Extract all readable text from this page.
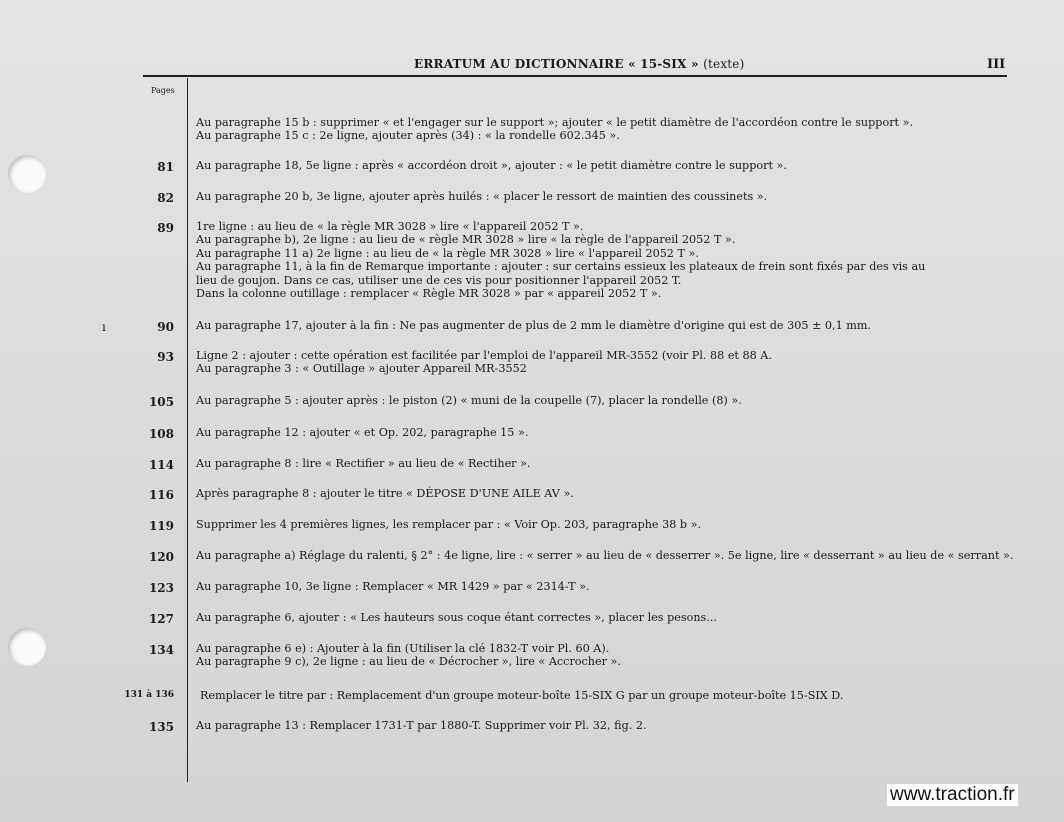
ERRATUM AU DICTIONNAIRE « 15-SIX » (texte)	III
Pages
ı
Au paragraphe 15 b : supprimer « et l'engager sur le support »; ajouter « le petit diamètre de l'accordéon contre le support ».
Au paragraphe 15 c : 2e ligne, ajouter après (34) : « la rondelle 602.345 ».
81 Au paragraphe 18, 5e ligne : après « accordéon droit », ajouter : « le petit diamètre contre le support ».
82 Au paragraphe 20 b, 3e ligne, ajouter après huilés : « placer le ressort de maintien des coussinets ».
89 1re ligne : au lieu de « la règle MR 3028 » lire « l'appareil 2052 T ».
Au paragraphe b), 2e ligne : au lieu de « règle MR 3028 » lire « la règle de l'appareil 2052 T ».
Au paragraphe 11 a) 2e ligne : au lieu de « la règle MR 3028 » lire « l'appareil 2052 T ».
Au paragraphe 11, à la fin de Remarque importante : ajouter : sur certains essieux les plateaux de frein sont fixés par des vis au
lieu de goujon. Dans ce cas, utiliser une de ces vis pour positionner l'appareil 2052 T.
Dans la colonne outillage : remplacer « Règle MR 3028 » par « appareil 2052 T ».
90 Au paragraphe 17, ajouter à la fin : Ne pas augmenter de plus de 2 mm le diamètre d'origine qui est de 305 ± 0,1 mm.
93 Ligne 2 : ajouter : cette opération est facilitée par l'emploi de l'appareil MR-3552 (voir Pl. 88 et 88 A.
Au paragraphe 3 : « Outillage » ajouter Appareil MR-3552
105 Au paragraphe 5 : ajouter après : le piston (2) « muni de la coupelle (7), placer la rondelle (8) ».
108 Au paragraphe 12 : ajouter « et Op. 202, paragraphe 15 ».
114 Au paragraphe 8 : lire « Rectifier » au lieu de « Rectiher ».
116 Après paragraphe 8 : ajouter le titre « DÉPOSE D'UNE AILE AV ».
119 Supprimer les 4 premières lignes, les remplacer par : « Voir Op. 203, paragraphe 38 b ».
120 Au paragraphe a) Réglage du ralenti, § 2° : 4e ligne, lire : « serrer » au lieu de « desserrer ». 5e ligne, lire « desserrant » au lieu de « serrant ».
123 Au paragraphe 10, 3e ligne : Remplacer « MR 1429 » par « 2314-T ».
127 Au paragraphe 6, ajouter : « Les hauteurs sous coque étant correctes », placer les pesons...
134 Au paragraphe 6 e) : Ajouter à la fin (Utiliser la clé 1832-T voir Pl. 60 A).
Au paragraphe 9 c), 2e ligne : au lieu de « Décrocher », lire « Accrocher ».
131 à 136 Remplacer le titre par : Remplacement d'un groupe moteur-boîte 15-SIX G par un groupe moteur-boîte 15-SIX D.
135 Au paragraphe 13 : Remplacer 1731-T par 1880-T. Supprimer voir Pl. 32, fig. 2.
www.traction.fr
